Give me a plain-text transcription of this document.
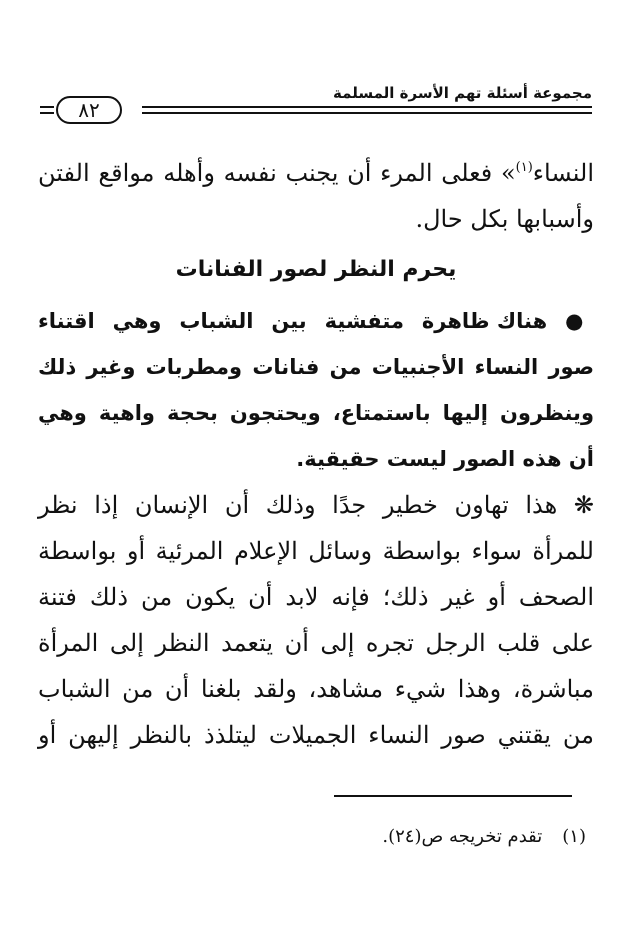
مجموعة أسئلة تهم الأسرة المسلمة
٨٢
النساء$^{(١)}$» فعلى المرء أن يجنب نفسه وأهله مواقع الفتن
وأسبابها بكل حال.
يحرم النظر لصور الفنانات
● هناك ظاهرة متفشية بين الشباب وهي اقتناء
صور النساء الأجنبيات من فنانات ومطربات وغير ذلك
وينظرون إليها باستمتاع، ويحتجون بحجة واهية وهي
أن هذه الصور ليست حقيقية.
❋ هذا تهاون خطير جدًا وذلك أن الإنسان إذا نظر
للمرأة سواء بواسطة وسائل الإعلام المرئية أو بواسطة
الصحف أو غير ذلك؛ فإنه لابد أن يكون من ذلك فتنة
على قلب الرجل تجره إلى أن يتعمد النظر إلى المرأة
مباشرة، وهذا شيء مشاهد، ولقد بلغنا أن من الشباب
من يقتني صور النساء الجميلات ليتلذذ بالنظر إليهن أو
(١)تقدم تخريجه ص(٢٤).
